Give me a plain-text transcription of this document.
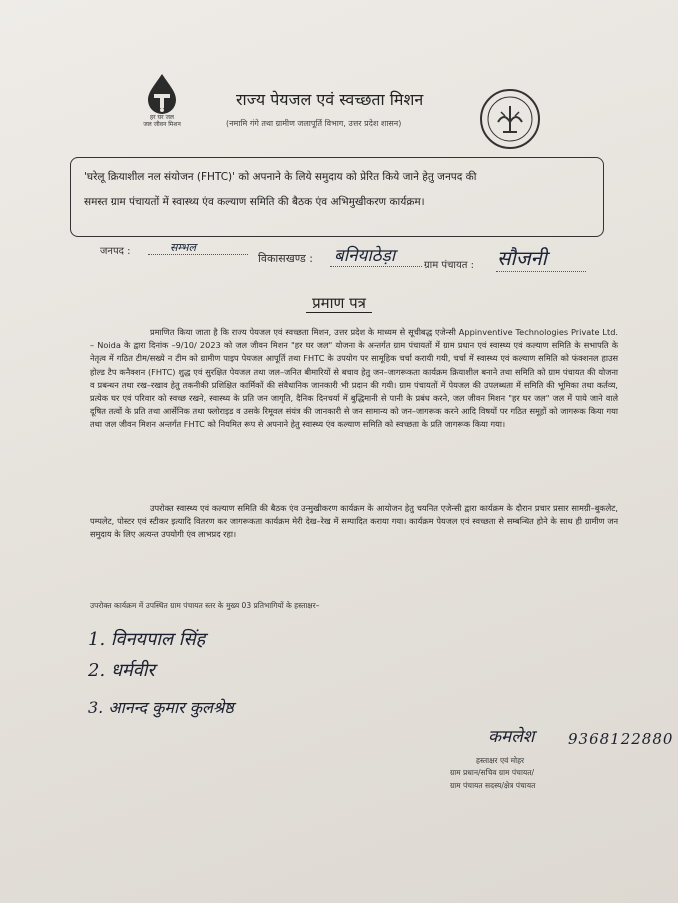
हर घर जल
जल जीवन मिशन
राज्य पेयजल एवं स्वच्छता मिशन
(नमामि गंगे तथा ग्रामीण जलापूर्ति विभाग, उत्तर प्रदेश शासन)
'घरेलू क्रियाशील नल संयोजन (FHTC)' को अपनाने के लिये समुदाय को प्रेरित किये जाने हेतु जनपद की
समस्त ग्राम पंचायतों में स्वास्थ्य एंव कल्याण समिति की बैठक एंव अभिमुखीकरण कार्यक्रम।
जनपद :	सम्भल
विकासखण्ड : बनियाठेड़ा	ग्राम पंचायत : सौजनी
प्रमाण पत्र
प्रमाणित किया जाता है कि राज्य पेयजल एवं स्वच्छता मिशन, उत्तर प्रदेश के माध्यम से सूचीबद्ध एजेन्सी Appinventive Technologies Private Ltd. – Noida के द्वारा दिनांक –9/10/ 2023 को जल जीवन मिशन "हर घर जल" योजना के अन्तर्गत ग्राम पंचायतों में ग्राम प्रधान एवं स्वास्थ्य एवं कल्याण समिति के सभापति के नेतृत्व में गठित टीम/सख्ये न टीम को ग्रामीण पाइप पेयजल आपूर्ति तथा FHTC के उपयोग पर सामूहिक चर्चा करायी गयी, चर्चा में स्वास्थ्य एवं कल्याण समिति को फंक्शनल हाउस होल्ड टैप कनैक्शन (FHTC) शुद्ध एवं सुरक्षित पेयजल तथा जल–जनित बीमारियों से बचाव हेतु जन–जागरूकता कार्यक्रम क्रियाशील बनाने तथा समिति को ग्राम पंचायत की योजना व प्रबन्धन तथा रख–रखाव हेतु तकनीकी प्रशिक्षित कार्मिकों की संवैधानिक जानकारी भी प्रदान की गयी। ग्राम पंचायतों में पेयजल की उपलब्धता में समिति की भूमिका तथा कर्तव्य, प्रत्येक घर एवं परिवार को स्वच्छ रखने, स्वास्थ्य के प्रति जन जागृति, दैनिक दिनचर्या में बुद्धिमानी से पानी के प्रबंध करने, जल जीवन मिशन "हर घर जल" जल में पाये जाने वाले दूषित तत्वों के प्रति तथा आर्सेनिक तथा फ्लोराइड व उसके रिमूवल संयंत्र की जानकारी से जन सामान्य को जन–जागरूक करने आदि विषयों पर गठित समूहों को जागरूक किया गया तथा जल जीवन मिशन अन्तर्गत FHTC को नियमित रूप से अपनाने हेतु स्वास्थ्य एंव कल्याण समिति को स्वच्छता के प्रति जागरूक किया गया।
उपरोक्त स्वास्थ्य एवं कल्याण समिति की बैठक एंव उन्मुखीकरण कार्यक्रम के आयोजन हेतु चयनित एजेन्सी द्वारा कार्यक्रम के दौरान प्रचार प्रसार सामग्री–बुकलेट, पम्पलेट, पोस्टर एवं स्टीकर इत्यादि वितरण कर जागरूकता कार्यक्रम मेरी देख–रेख में सम्पादित कराया गया। कार्यक्रम पेयजल एवं स्वच्छता से सम्बन्धित होने के साथ ही ग्रामीण जन समुदाय के लिए अत्यन्त उपयोगी एंव लाभप्रद रहा।
उपरोक्त कार्यक्रम में उपस्थित ग्राम पंचायत स्तर के मुख्य 03 प्रतिभागियों के हस्ताक्षर–
1. विनयपाल सिंह
2. धर्मवीर
3. आनन्द कुमार कुलश्रेष्ठ
कमलेश 9368122880
हस्ताक्षर एवं मोहर
ग्राम प्रधान/सचिव ग्राम पंचायत/
ग्राम पंचायत सदस्य/क्षेत्र पंचायत
